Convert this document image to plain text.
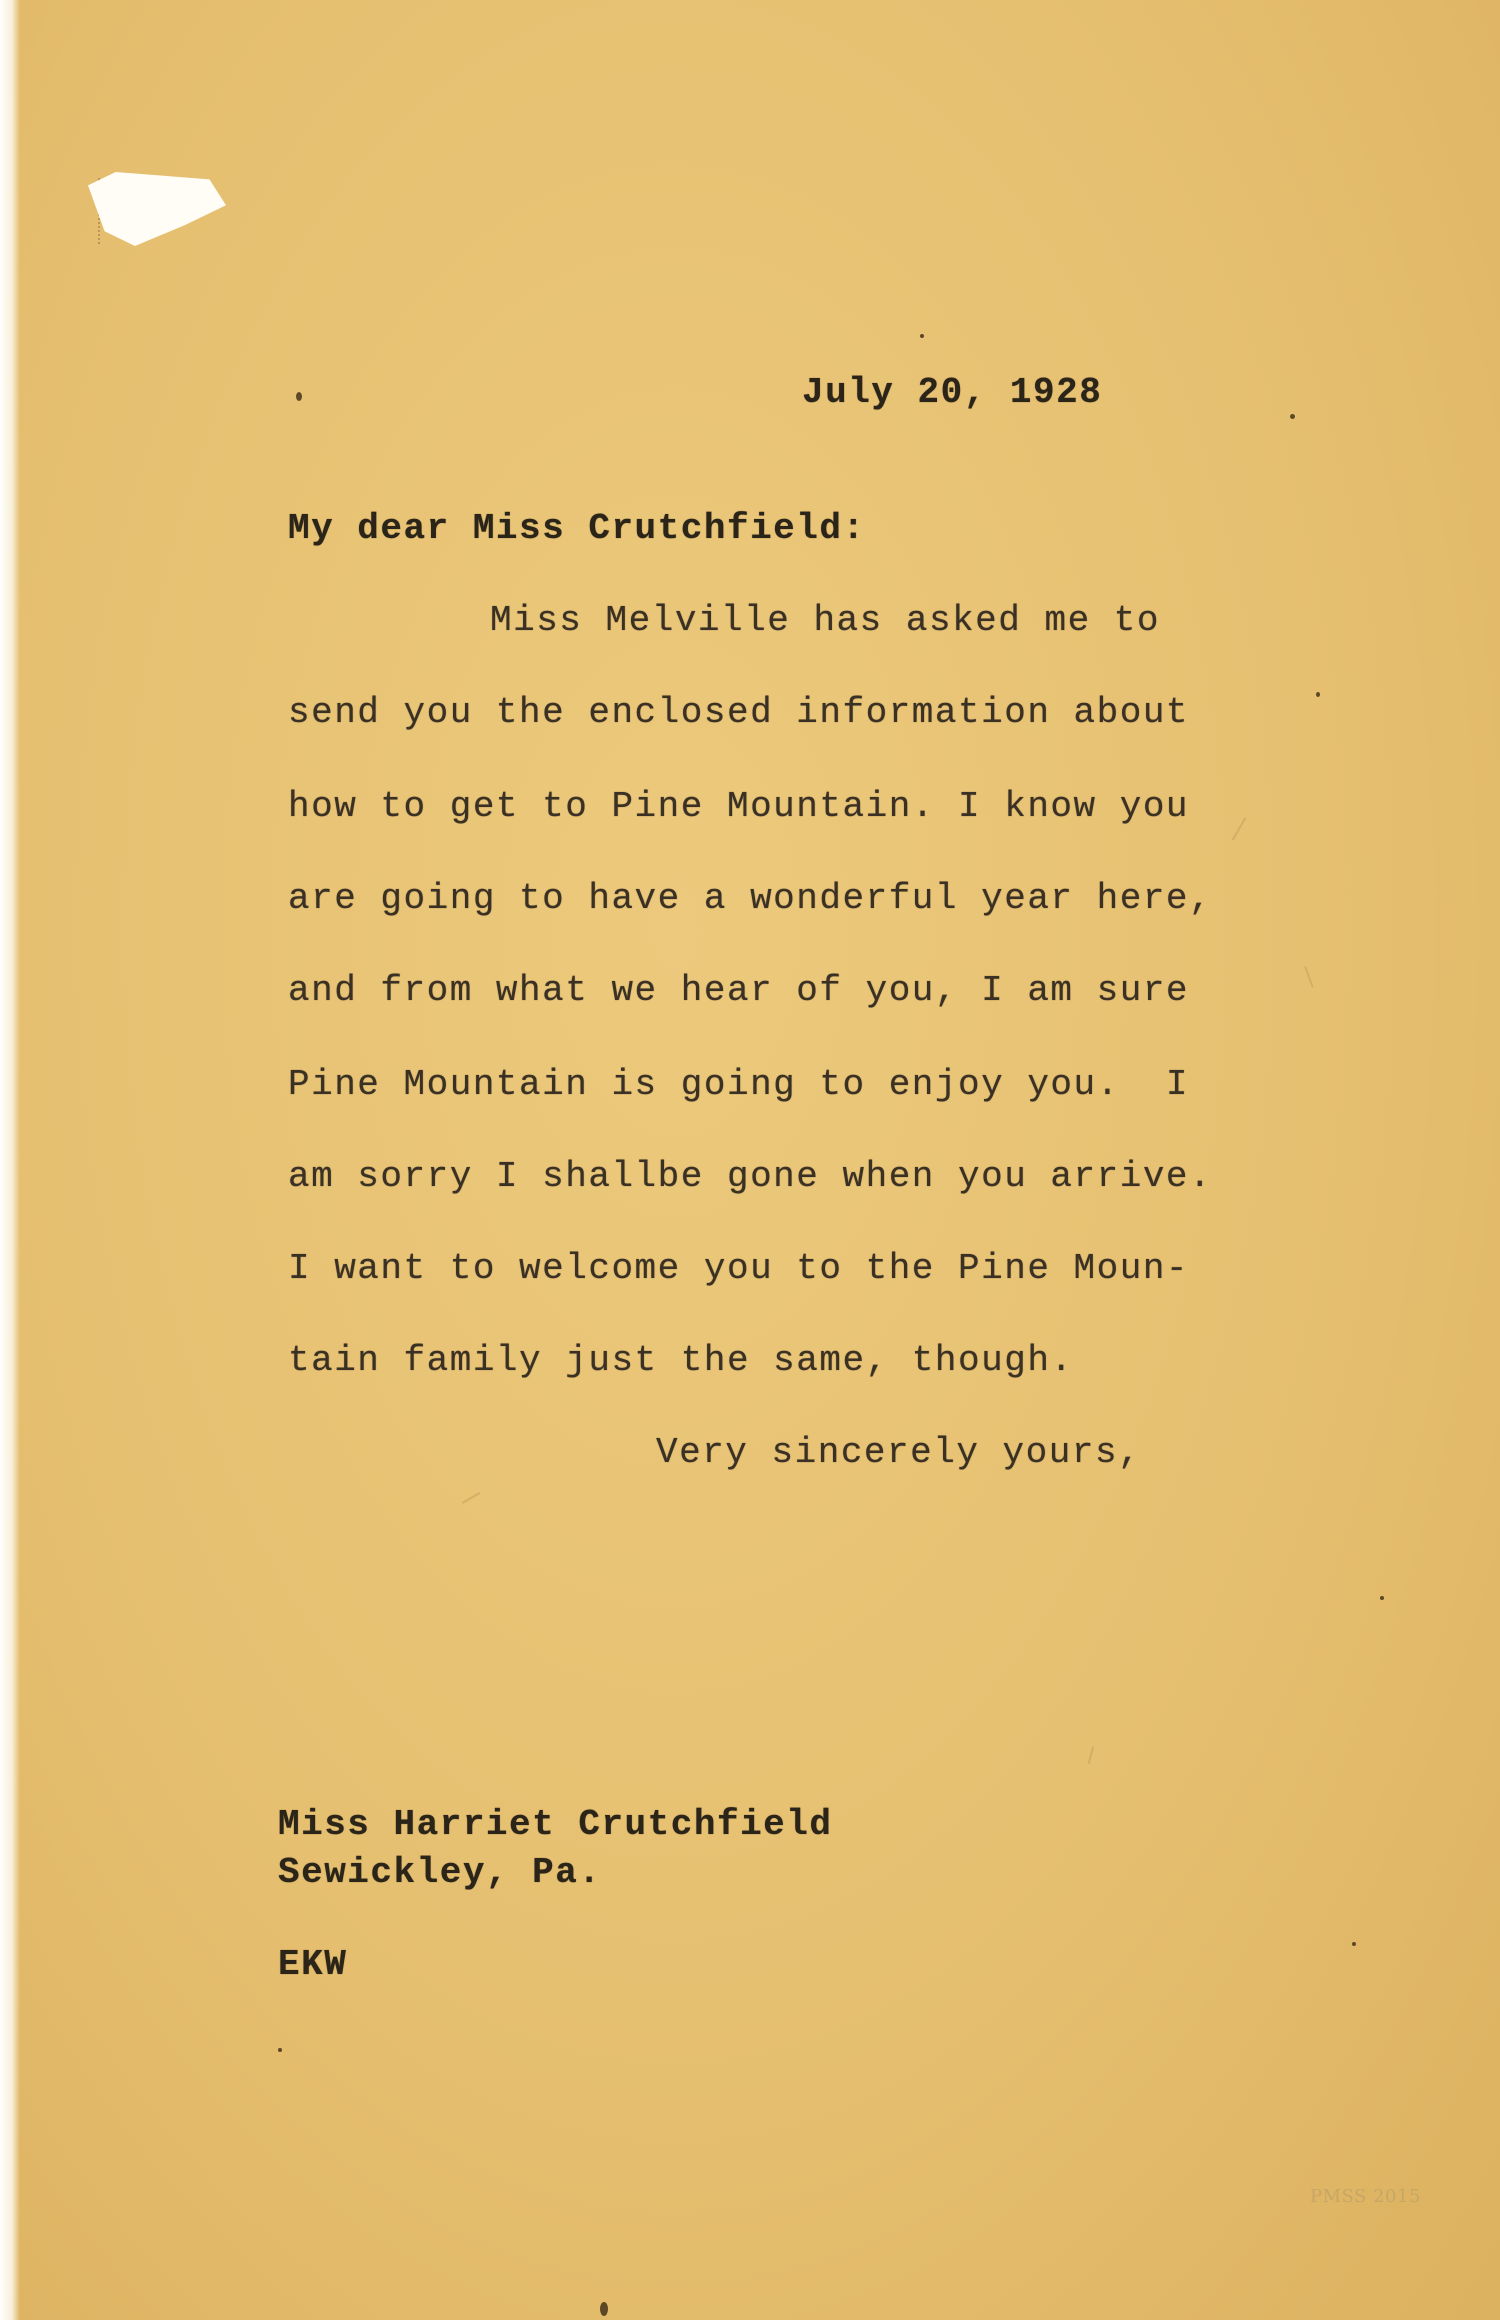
July 20, 1928
My dear Miss Crutchfield:
Miss Melville has asked me to
send you the enclosed information about
how to get to Pine Mountain. I know you
are going to have a wonderful year here,
and from what we hear of you, I am sure
Pine Mountain is going to enjoy you.  I
am sorry I shallbe gone when you arrive.
I want to welcome you to the Pine Moun-
tain family just the same, though.
Very sincerely yours,
Miss Harriet Crutchfield
Sewickley, Pa.
EKW
PMSS 2015
